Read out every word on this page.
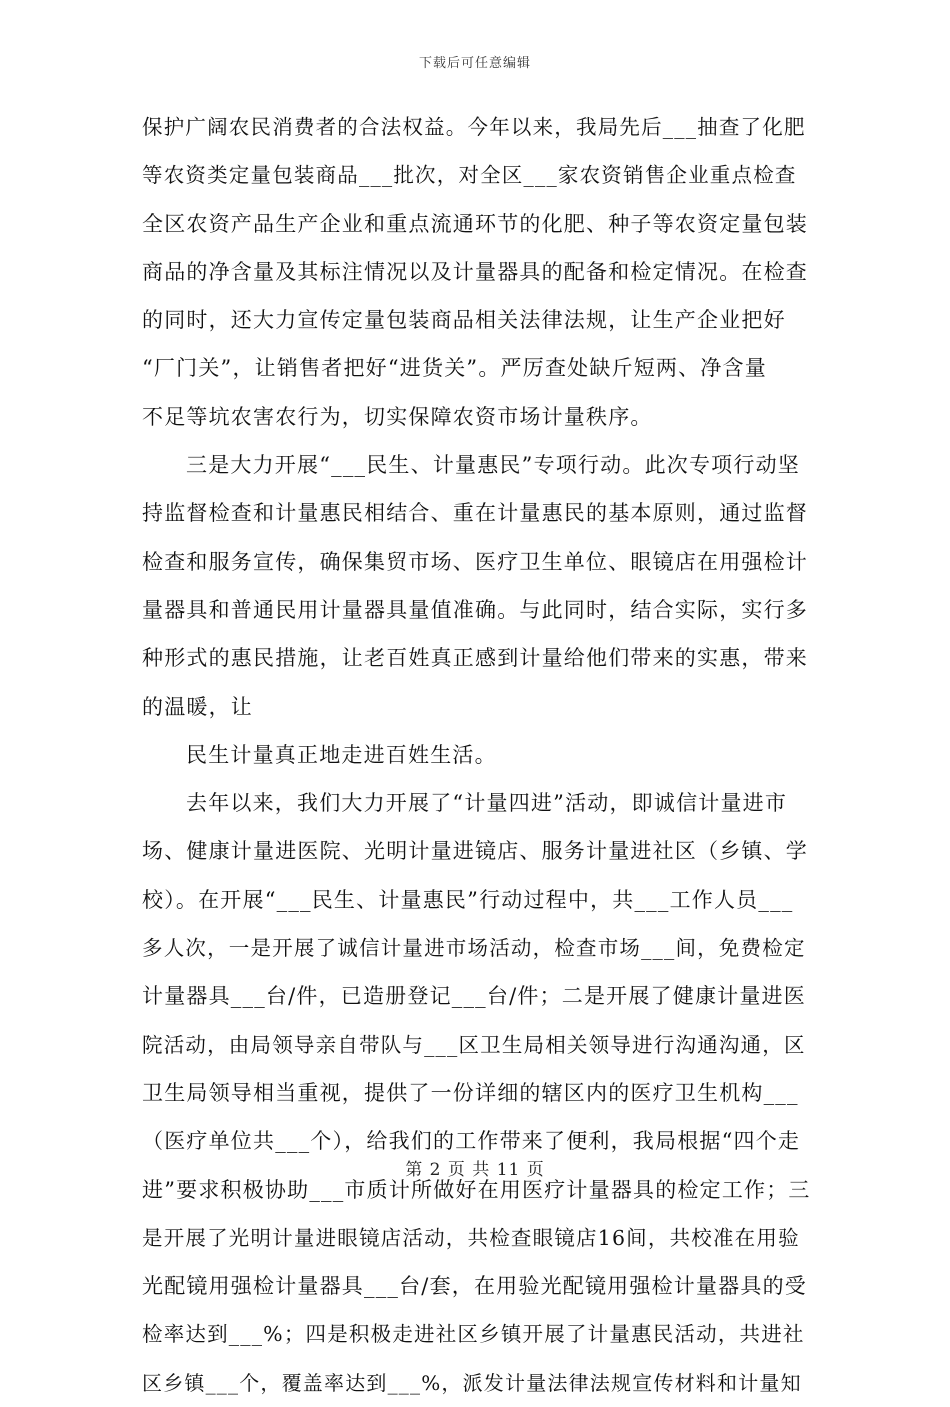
下载后可任意编辑
保护广阔农民消费者的合法权益。今年以来，我局先后___抽查了化肥
等农资类定量包装商品___批次，对全区___家农资销售企业重点检查
全区农资产品生产企业和重点流通环节的化肥、种子等农资定量包装
商品的净含量及其标注情况以及计量器具的配备和检定情况。在检查
的同时，还大力宣传定量包装商品相关法律法规，让生产企业把好
“厂门关”，让销售者把好“进货关”。严厉查处缺斤短两、净含量
不足等坑农害农行为，切实保障农资市场计量秩序。
三是大力开展“___民生、计量惠民”专项行动。此次专项行动坚
持监督检查和计量惠民相结合、重在计量惠民的基本原则，通过监督
检查和服务宣传，确保集贸市场、医疗卫生单位、眼镜店在用强检计
量器具和普通民用计量器具量值准确。与此同时，结合实际，实行多
种形式的惠民措施，让老百姓真正感到计量给他们带来的实惠，带来
的温暖，让
民生计量真正地走进百姓生活。
去年以来，我们大力开展了“计量四进”活动，即诚信计量进市
场、健康计量进医院、光明计量进镜店、服务计量进社区（乡镇、学
校）。在开展“___民生、计量惠民”行动过程中，共___工作人员___
多人次，一是开展了诚信计量进市场活动，检查市场___间，免费检定
计量器具___台/件，已造册登记___台/件；二是开展了健康计量进医
院活动，由局领导亲自带队与___区卫生局相关领导进行沟通沟通，区
卫生局领导相当重视，提供了一份详细的辖区内的医疗卫生机构___
（医疗单位共___个），给我们的工作带来了便利，我局根据“四个走
进”要求积极协助___市质计所做好在用医疗计量器具的检定工作；三
是开展了光明计量进眼镜店活动，共检查眼镜店16间，共校准在用验
光配镜用强检计量器具___台/套，在用验光配镜用强检计量器具的受
检率达到___%；四是积极走进社区乡镇开展了计量惠民活动，共进社
区乡镇___个，覆盖率达到___%，派发计量法律法规宣传材料和计量知
第 2 页 共 11 页
